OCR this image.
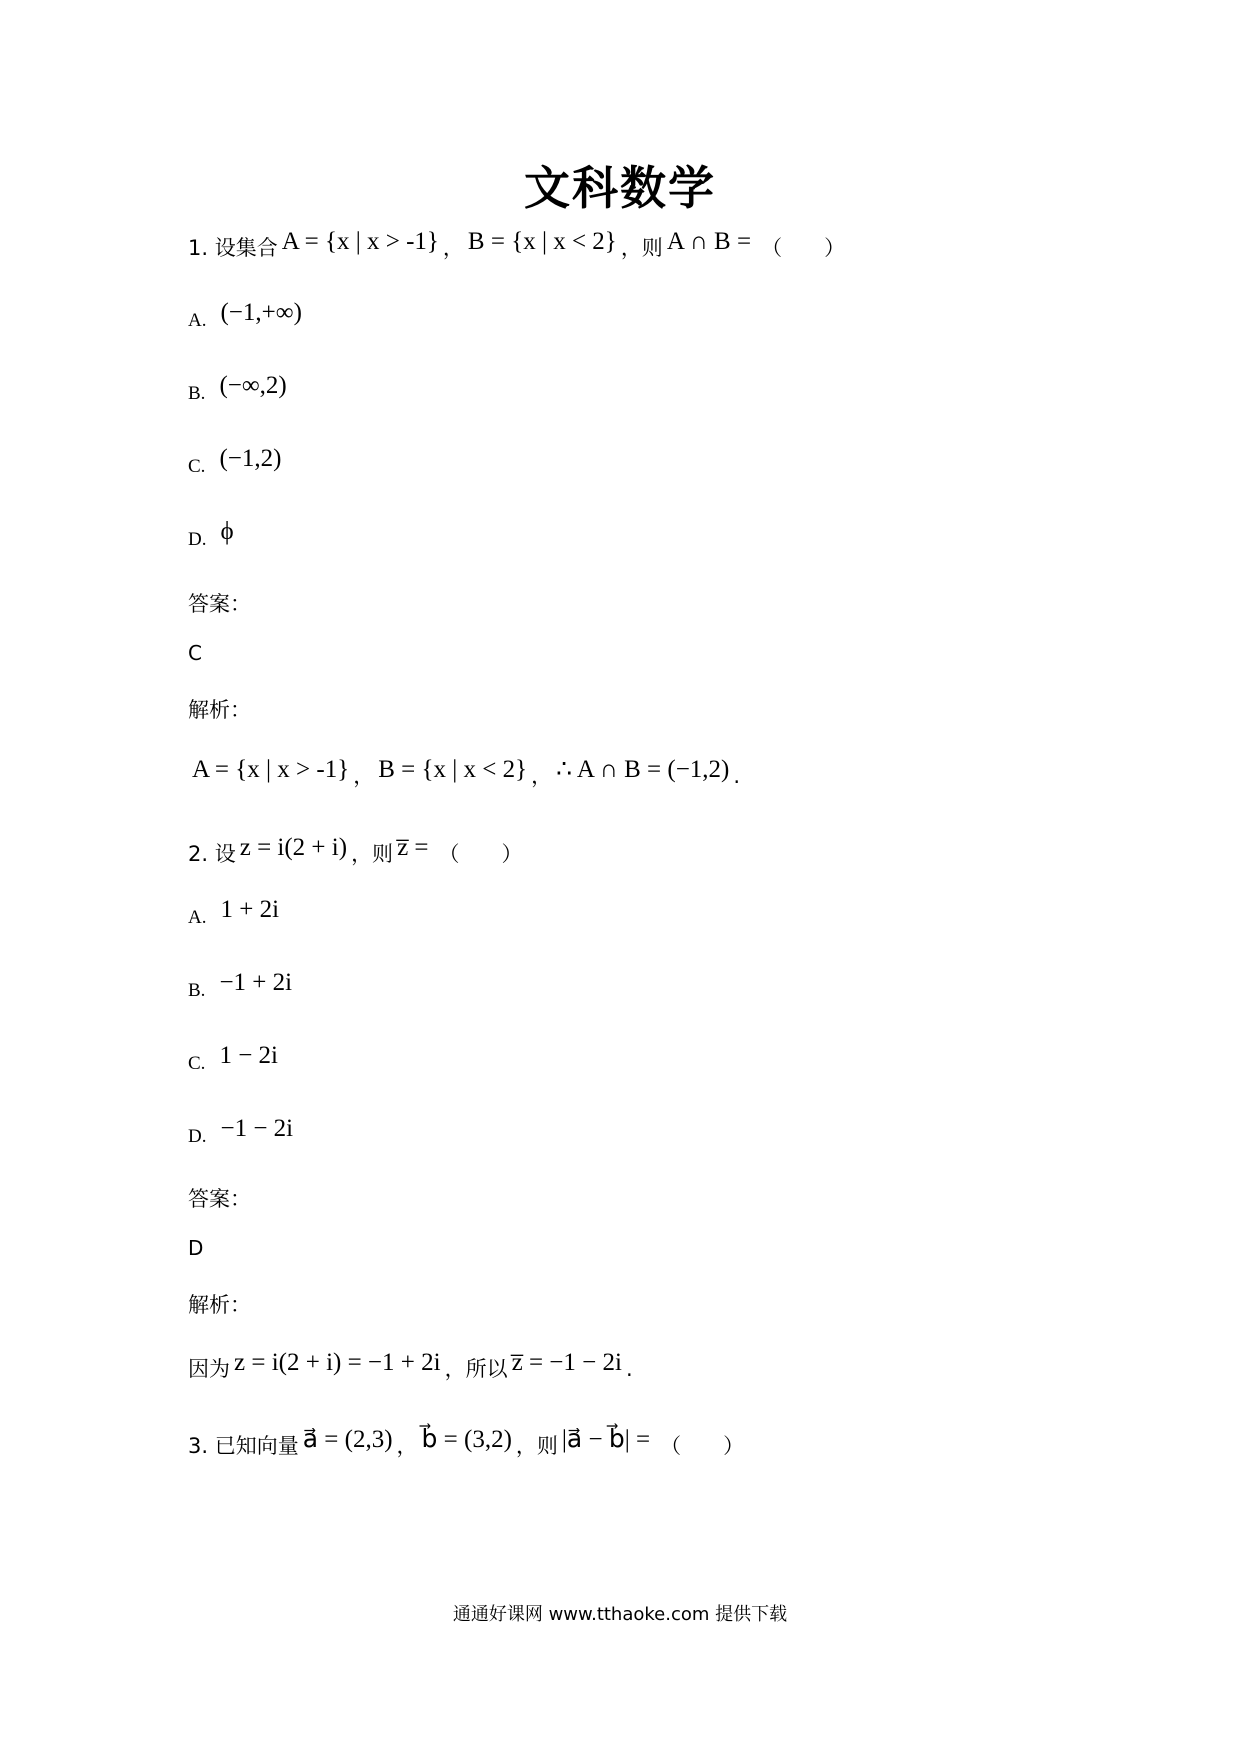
文科数学
1. 设集合 A = {x | x > -1} ， B = {x | x < 2} ，则 A ∩ B = （　　）
A. (−1,+∞)
B. (−∞,2)
C. (−1,2)
D. ϕ
答案：
C
解析：
A = {x | x > -1} ， B = {x | x < 2} ， ∴ A ∩ B = (−1,2) .
2. 设 z = i(2 + i) ，则 z̅ = （　　）
A. 1 + 2i
B. −1 + 2i
C. 1 − 2i
D. −1 − 2i
答案：
D
解析：
因为 z = i(2 + i) = −1 + 2i ，所以 z̅ = −1 − 2i .
3. 已知向量 a⃗ = (2,3) ， b⃗ = (3,2) ，则 |a⃗ − b⃗| = （　　）
通通好课网 www.tthaoke.com 提供下载
